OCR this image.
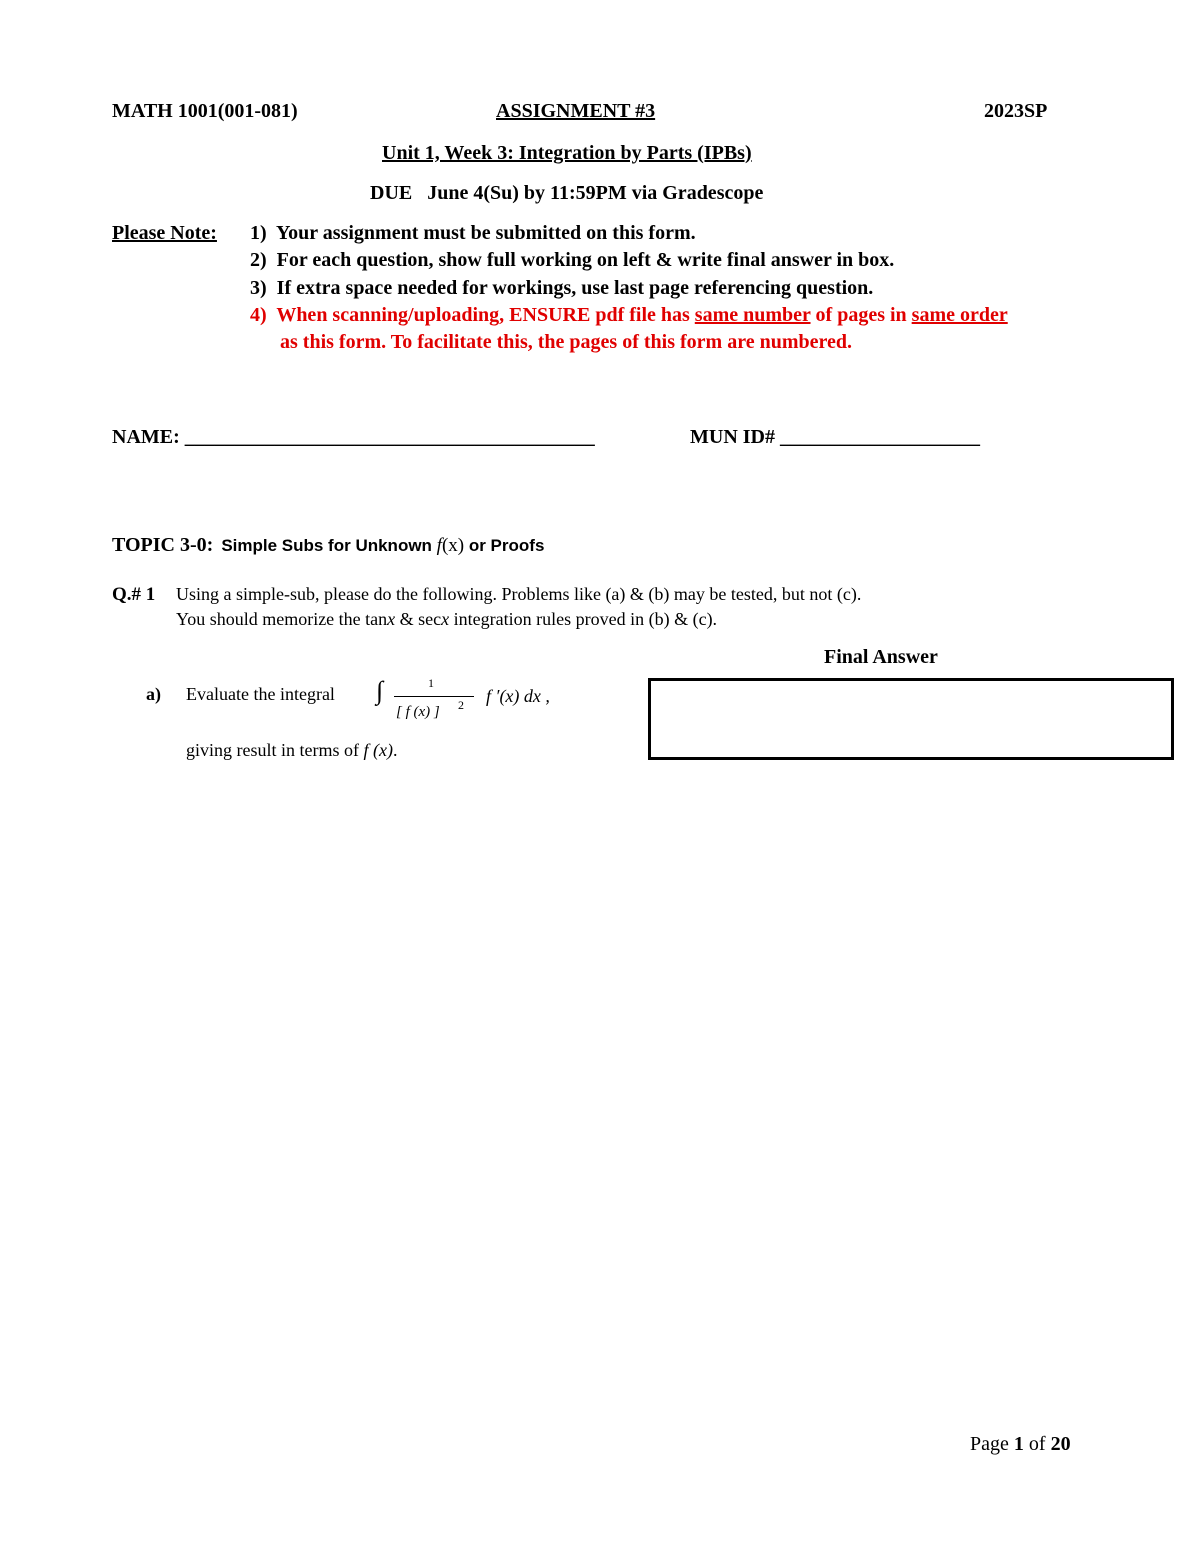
MATH 1001(001-081)	ASSIGNMENT #3	2023SP
Unit 1, Week 3: Integration by Parts (IPBs)
DUE June 4(Su) by 11:59PM via Gradescope
Please Note: 1) Your assignment must be submitted on this form.
2) For each question, show full working on left & write final answer in box.
3) If extra space needed for workings, use last page referencing question.
4) When scanning/uploading, ENSURE pdf file has same number of pages in same order
as this form. To facilitate this, the pages of this form are numbered.
NAME: _________________________________________	MUN ID# ____________________
TOPIC 3-0: Simple Subs for Unknown f(x) or Proofs
Q.# 1 Using a simple-sub, please do the following. Problems like (a) & (b) may be tested, but not (c).
You should memorize the tanx & secx integration rules proved in (b) & (c).
Final Answer
a) Evaluate the integral ∫	1
[ f (x) ] 2 f ′(x) dx ,
giving result in terms of f (x).
Page 1 of 20
